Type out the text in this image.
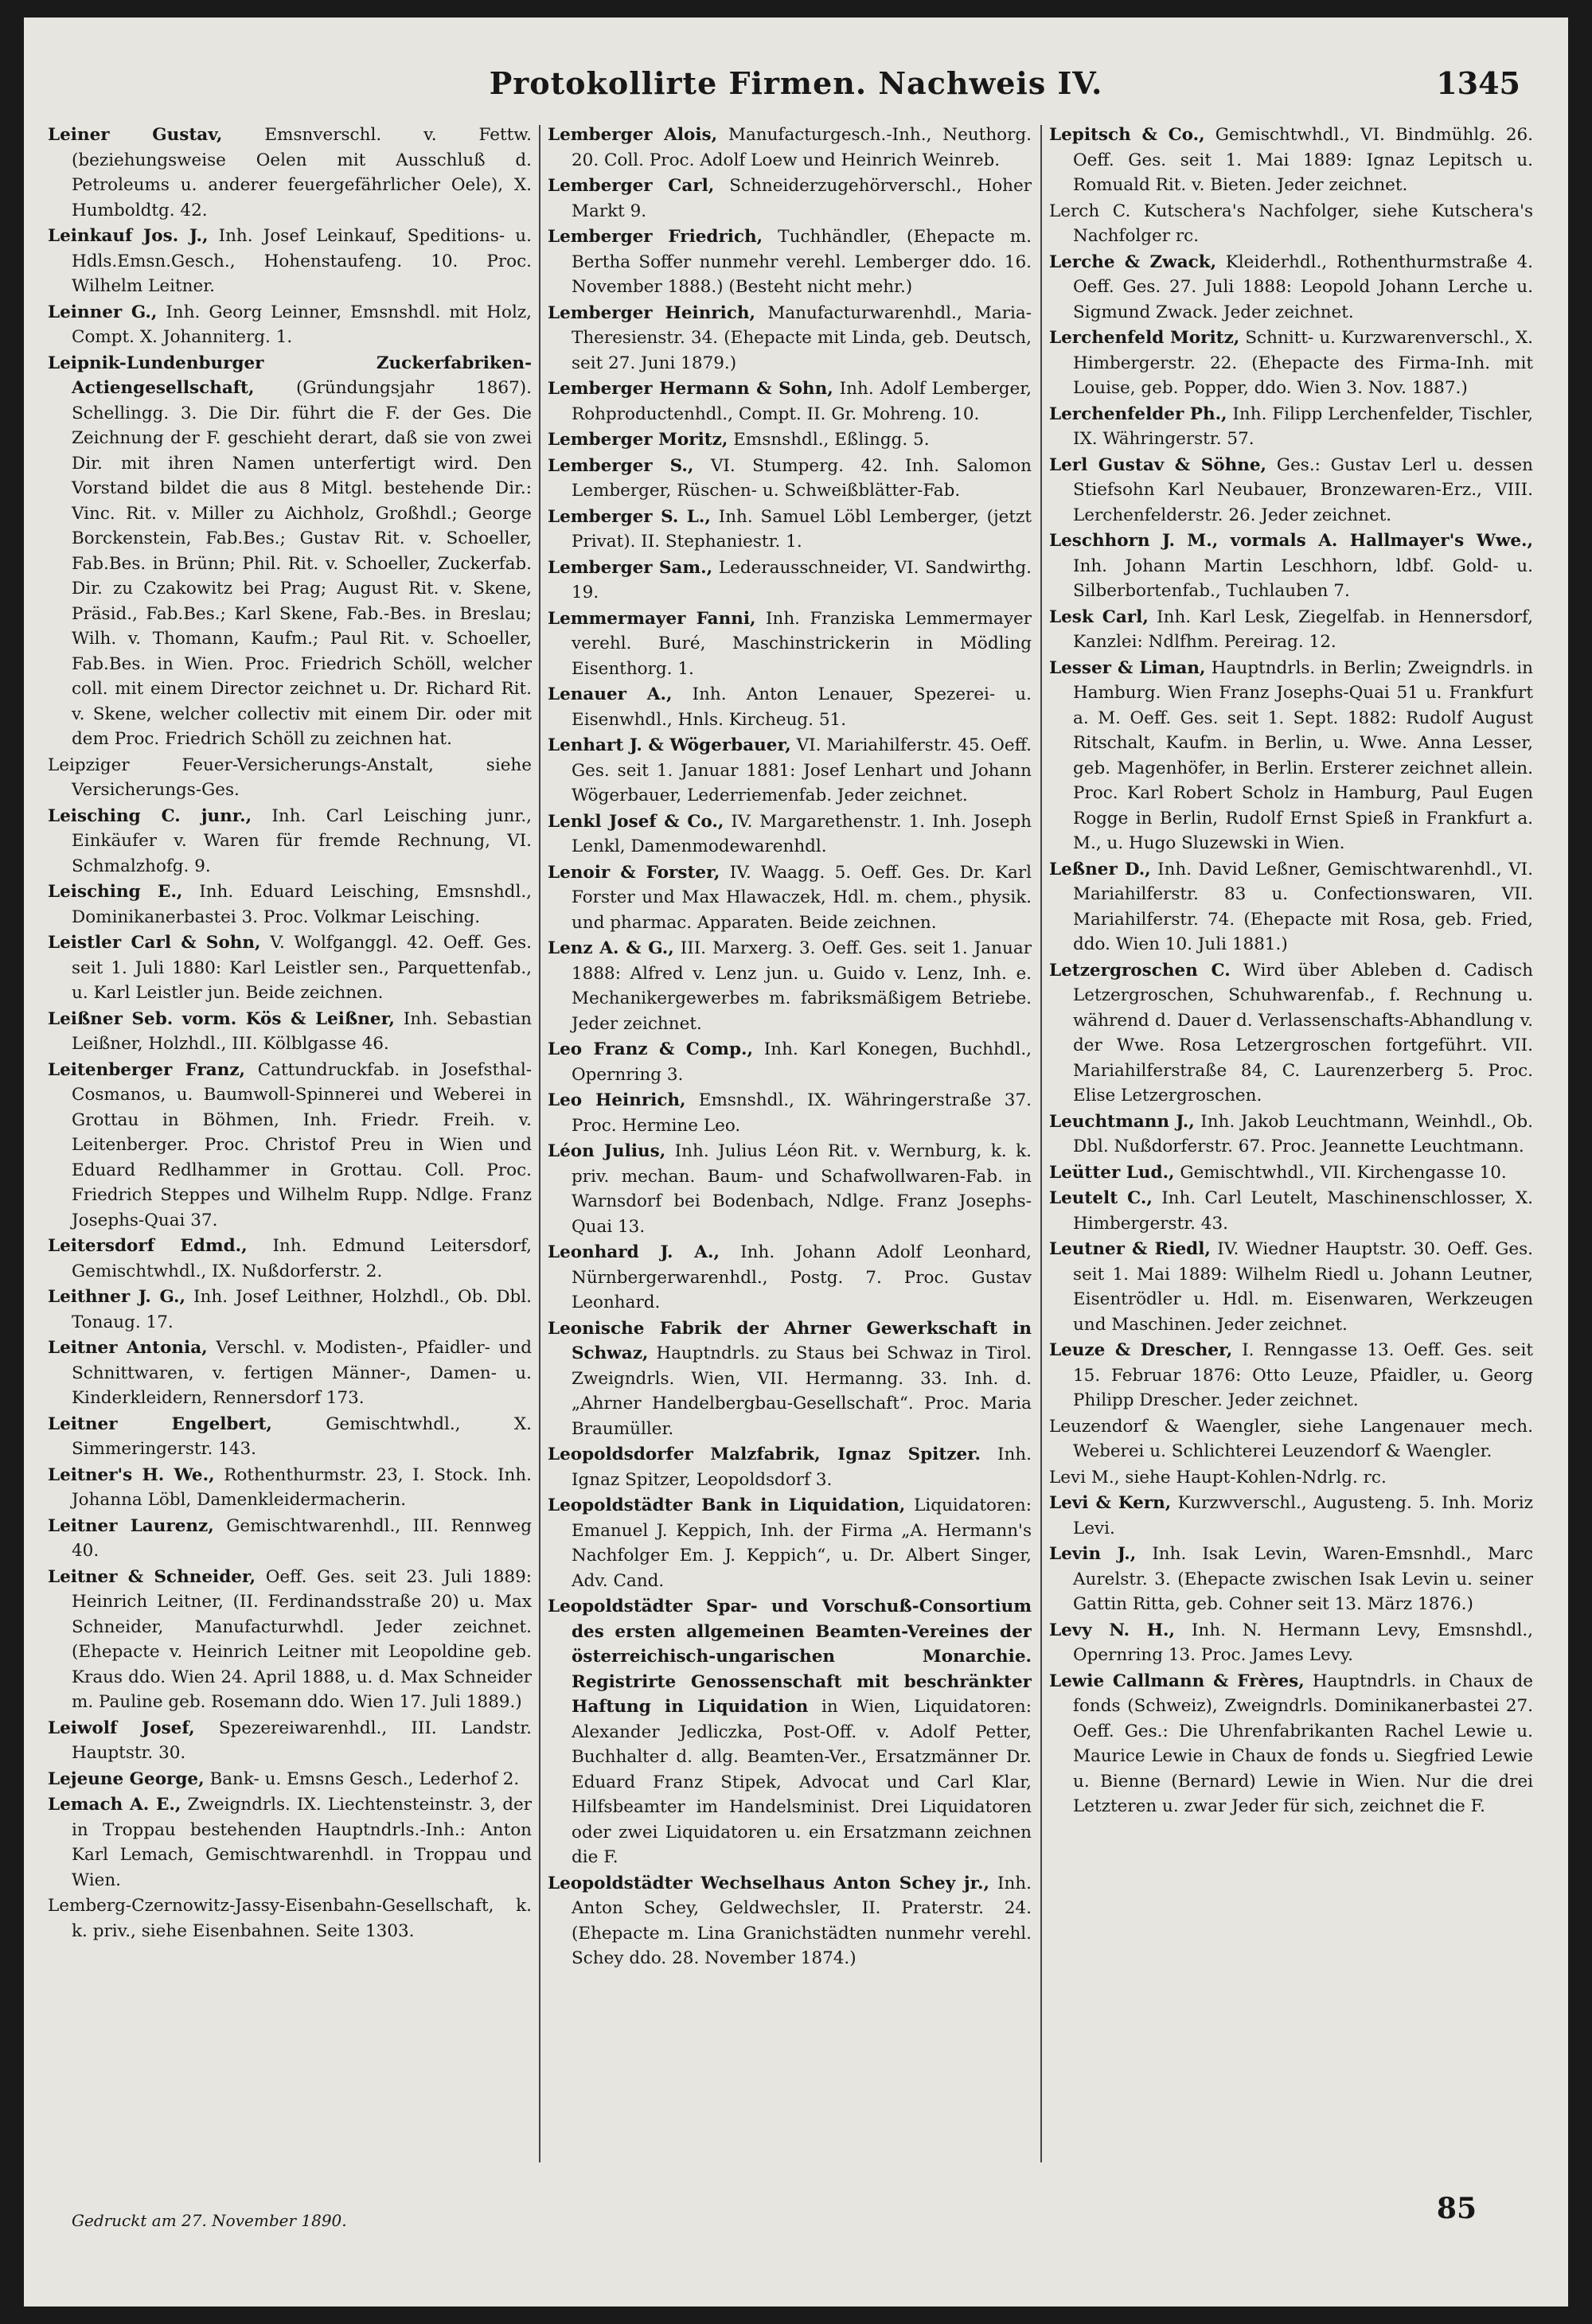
Protokollirte Firmen. Nachweis IV.	1345

Leiner Gustav, Emsnverschl. v. Fettw. (beziehungsweise Oelen mit Ausschluß d. Petroleums u. anderer feuergefährlicher Oele), X. Humboldtg. 42.

Leinkauf Jos. J., Inh. Josef Leinkauf, Speditions- u. Hdls.Emsn.Gesch., Hohenstaufeng. 10. Proc. Wilhelm Leitner.

Leinner G., Inh. Georg Leinner, Emsnshdl. mit Holz, Compt. X. Johanniterg. 1.

Leipnik-Lundenburger Zuckerfabriken-Actiengesellschaft, (Gründungsjahr 1867). Schellingg. 3. Die Dir. führt die F. der Ges. Die Zeichnung der F. geschieht derart, daß sie von zwei Dir. mit ihren Namen unterfertigt wird. Den Vorstand bildet die aus 8 Mitgl. bestehende Dir.: Vinc. Rit. v. Miller zu Aichholz, Großhdl.; George Borckenstein, Fab.Bes.; Gustav Rit. v. Schoeller, Fab.Bes. in Brünn; Phil. Rit. v. Schoeller, Zuckerfab. Dir. zu Czakowitz bei Prag; August Rit. v. Skene, Präsid., Fab.Bes.; Karl Skene, Fab.-Bes. in Breslau; Wilh. v. Thomann, Kaufm.; Paul Rit. v. Schoeller, Fab.Bes. in Wien. Proc. Friedrich Schöll, welcher coll. mit einem Director zeichnet u. Dr. Richard Rit. v. Skene, welcher collectiv mit einem Dir. oder mit dem Proc. Friedrich Schöll zu zeichnen hat.

Leipziger Feuer-Versicherungs-Anstalt, siehe Versicherungs-Ges.

Leisching C. junr., Inh. Carl Leisching junr., Einkäufer v. Waren für fremde Rechnung, VI. Schmalzhofg. 9.

Leisching E., Inh. Eduard Leisching, Emsnshdl., Dominikanerbastei 3. Proc. Volkmar Leisching.

Leistler Carl & Sohn, V. Wolfganggl. 42. Oeff. Ges. seit 1. Juli 1880: Karl Leistler sen., Parquettenfab., u. Karl Leistler jun. Beide zeichnen.

Leißner Seb. vorm. Kös & Leißner, Inh. Sebastian Leißner, Holzhdl., III. Kölblgasse 46.

Leitenberger Franz, Cattundruckfab. in Josefsthal-Cosmanos, u. Baumwoll-Spinnerei und Weberei in Grottau in Böhmen, Inh. Friedr. Freih. v. Leitenberger. Proc. Christof Preu in Wien und Eduard Redlhammer in Grottau. Coll. Proc. Friedrich Steppes und Wilhelm Rupp. Ndlge. Franz Josephs-Quai 37.

Leitersdorf Edmd., Inh. Edmund Leitersdorf, Gemischtwhdl., IX. Nußdorferstr. 2.

Leithner J. G., Inh. Josef Leithner, Holzhdl., Ob. Dbl. Tonaug. 17.

Leitner Antonia, Verschl. v. Modisten-, Pfaidler- und Schnittwaren, v. fertigen Männer-, Damen- u. Kinderkleidern, Rennersdorf 173.

Leitner Engelbert,	Gemischtwhdl., X. Simmeringerstr. 143.

Leitner's H. We., Rothenthurmstr. 23, I. Stock. Inh. Johanna Löbl, Damenkleidermacherin.

Leitner Laurenz, Gemischtwarenhdl., III. Rennweg 40.

Leitner & Schneider, Oeff. Ges. seit 23. Juli 1889: Heinrich Leitner, (II. Ferdinandsstraße 20) u. Max Schneider, Manufacturwhdl. Jeder zeichnet. (Ehepacte v. Heinrich Leitner mit Leopoldine geb. Kraus ddo. Wien 24. April 1888, u. d. Max Schneider m. Pauline geb. Rosemann ddo. Wien 17. Juli 1889.)

Leiwolf Josef, Spezereiwarenhdl., III. Landstr. Hauptstr. 30.

Lejeune George, Bank- u. Emsns Gesch., Lederhof 2.

Lemach A. E., Zweigndrls. IX. Liechtensteinstr. 3, der in Troppau bestehenden Hauptndrls.-Inh.: Anton Karl Lemach, Gemischtwarenhdl. in Troppau und Wien.

Lemberg-Czernowitz-Jassy-Eisenbahn-Gesellschaft, k. k. priv., siehe Eisenbahnen. Seite 1303.

Lemberger Alois, Manufacturgesch.-Inh., Neuthorg. 20. Coll. Proc. Adolf Loew und Heinrich Weinreb.

Lemberger Carl, Schneiderzugehörverschl., Hoher Markt 9.

Lemberger Friedrich, Tuchhändler, (Ehepacte m. Bertha Soffer nunmehr verehl. Lemberger ddo. 16. November 1888.) (Besteht nicht mehr.)

Lemberger Heinrich, Manufacturwarenhdl., Maria-Theresienstr. 34. (Ehepacte mit Linda, geb. Deutsch, seit 27. Juni 1879.)

Lemberger Hermann & Sohn, Inh. Adolf Lemberger, Rohproductenhdl., Compt. II. Gr. Mohreng. 10.

Lemberger Moritz, Emsnshdl., Eßlingg. 5.

Lemberger S., VI. Stumperg. 42. Inh. Salomon Lemberger, Rüschen- u. Schweißblätter-Fab.

Lemberger S. L., Inh. Samuel Löbl Lemberger, (jetzt Privat). II. Stephaniestr. 1.

Lemberger Sam., Lederausschneider, VI. Sandwirthg. 19.

Lemmermayer Fanni, Inh. Franziska Lemmermayer verehl. Buré, Maschinstrickerin in Mödling Eisenthorg. 1.

Lenauer A., Inh. Anton Lenauer, Spezerei- u. Eisenwhdl., Hnls. Kircheug. 51.

Lenhart J. & Wögerbauer, VI. Mariahilferstr. 45. Oeff. Ges. seit 1. Januar 1881: Josef Lenhart und Johann Wögerbauer, Lederriemenfab. Jeder zeichnet.

Lenkl Josef & Co., IV. Margarethenstr. 1. Inh. Joseph Lenkl, Damenmodewarenhdl.

Lenoir & Forster, IV. Waagg. 5. Oeff. Ges. Dr. Karl Forster und Max Hlawaczek, Hdl. m. chem., physik. und pharmac. Apparaten. Beide zeichnen.

Lenz A. & G., III. Marxerg. 3. Oeff. Ges. seit 1. Januar 1888: Alfred v. Lenz jun. u. Guido v. Lenz, Inh. e. Mechanikergewerbes m. fabriksmäßigem Betriebe. Jeder zeichnet.

Leo Franz & Comp., Inh. Karl Konegen, Buchhdl., Opernring 3.

Leo Heinrich, Emsnshdl., IX. Währingerstraße 37. Proc. Hermine Leo.

Léon Julius, Inh. Julius Léon Rit. v. Wernburg, k. k. priv. mechan. Baum- und Schafwollwaren-Fab. in Warnsdorf bei Bodenbach, Ndlge. Franz Josephs-Quai 13.

Leonhard J. A., Inh. Johann Adolf Leonhard, Nürnbergerwarenhdl., Postg. 7. Proc. Gustav Leonhard.

Leonische Fabrik der Ahrner Gewerkschaft in Schwaz, Hauptndrls. zu Staus bei Schwaz in Tirol. Zweigndrls. Wien, VII. Hermanng. 33. Inh. d. „Ahrner Handelbergbau-Gesellschaft“. Proc. Maria Braumüller.

Leopoldsdorfer Malzfabrik, Ignaz Spitzer. Inh. Ignaz Spitzer, Leopoldsdorf 3.

Leopoldstädter Bank in Liquidation, Liquidatoren: Emanuel J. Keppich, Inh. der Firma „A. Hermann's Nachfolger Em. J. Keppich“, u. Dr. Albert Singer, Adv. Cand.

Leopoldstädter Spar- und Vorschuß-Consortium des ersten allgemeinen Beamten-Vereines der österreichisch-ungarischen Monarchie. Registrirte Genossenschaft mit beschränkter Haftung in Liquidation in Wien, Liquidatoren: Alexander Jedliczka, Post-Off. v. Adolf Petter, Buchhalter d. allg. Beamten-Ver., Ersatzmänner Dr. Eduard Franz Stipek, Advocat und Carl Klar, Hilfsbeamter im Handelsminist. Drei Liquidatoren oder zwei Liquidatoren u. ein Ersatzmann zeichnen die F.

Leopoldstädter Wechselhaus Anton Schey jr., Inh. Anton Schey, Geldwechsler, II. Praterstr. 24. (Ehepacte m. Lina Granichstädten nunmehr verehl. Schey ddo. 28. November 1874.)

Lepitsch & Co., Gemischtwhdl., VI. Bindmühlg. 26. Oeff. Ges. seit 1. Mai 1889: Ignaz Lepitsch u. Romuald Rit. v. Bieten. Jeder zeichnet.

Lerch C. Kutschera's Nachfolger, siehe Kutschera's Nachfolger rc.

Lerche & Zwack, Kleiderhdl., Rothenthurmstraße 4. Oeff. Ges. 27. Juli 1888: Leopold Johann Lerche u. Sigmund Zwack. Jeder zeichnet.

Lerchenfeld Moritz, Schnitt- u. Kurzwarenverschl., X. Himbergerstr. 22. (Ehepacte des Firma-Inh. mit Louise, geb. Popper, ddo. Wien 3. Nov. 1887.)

Lerchenfelder Ph., Inh. Filipp Lerchenfelder, Tischler, IX. Währingerstr. 57.

Lerl Gustav & Söhne, Ges.: Gustav Lerl u. dessen Stiefsohn Karl Neubauer, Bronzewaren-Erz., VIII. Lerchenfelderstr. 26. Jeder zeichnet.

Leschhorn J. M., vormals A. Hallmayer's Wwe., Inh. Johann Martin Leschhorn, ldbf. Gold- u. Silberbortenfab., Tuchlauben 7.

Lesk Carl, Inh. Karl Lesk, Ziegelfab. in Hennersdorf, Kanzlei: Ndlfhm. Pereirag. 12.

Lesser & Liman, Hauptndrls. in Berlin; Zweigndrls. in Hamburg. Wien Franz Josephs-Quai 51 u. Frankfurt a. M. Oeff. Ges. seit 1. Sept. 1882: Rudolf August Ritschalt, Kaufm. in Berlin, u. Wwe. Anna Lesser, geb. Magenhöfer, in Berlin. Ersterer zeichnet allein. Proc. Karl Robert Scholz in Hamburg, Paul Eugen Rogge in Berlin, Rudolf Ernst Spieß in Frankfurt a. M., u. Hugo Sluzewski in Wien.

Leßner D., Inh. David Leßner, Gemischtwarenhdl., VI. Mariahilferstr. 83 u. Confectionswaren, VII. Mariahilferstr. 74. (Ehepacte mit Rosa, geb. Fried, ddo. Wien 10. Juli 1881.)

Letzergroschen C. Wird über Ableben d. Cadisch Letzergroschen, Schuhwarenfab., f. Rechnung u. während d. Dauer d. Verlassenschafts-Abhandlung v. der Wwe. Rosa Letzergroschen fortgeführt. VII. Mariahilferstraße 84, C. Laurenzerberg 5. Proc. Elise Letzergroschen.

Leuchtmann J., Inh. Jakob Leuchtmann, Weinhdl., Ob. Dbl. Nußdorferstr. 67. Proc. Jeannette Leuchtmann.

Leütter Lud., Gemischtwhdl., VII. Kirchengasse 10.

Leutelt C., Inh. Carl Leutelt, Maschinenschlosser, X. Himbergerstr. 43.

Leutner & Riedl, IV. Wiedner Hauptstr. 30. Oeff. Ges. seit 1. Mai 1889: Wilhelm Riedl u. Johann Leutner, Eisentrödler u. Hdl. m. Eisenwaren, Werkzeugen und Maschinen. Jeder zeichnet.

Leuze & Drescher, I. Renngasse 13. Oeff. Ges. seit 15. Februar 1876: Otto Leuze, Pfaidler, u. Georg Philipp Drescher. Jeder zeichnet.

Leuzendorf & Waengler, siehe Langenauer mech. Weberei u. Schlichterei Leuzendorf & Waengler.

Levi M., siehe Haupt-Kohlen-Ndrlg. rc.

Levi & Kern, Kurzwverschl., Augusteng. 5. Inh. Moriz Levi.

Levin J., Inh. Isak Levin, Waren-Emsnhdl., Marc Aurelstr. 3. (Ehepacte zwischen Isak Levin u. seiner Gattin Ritta, geb. Cohner seit 13. März 1876.)

Levy N. H., Inh. N. Hermann Levy, Emsnshdl., Opernring 13. Proc. James Levy.

Lewie Callmann & Frères, Hauptndrls. in Chaux de fonds (Schweiz), Zweigndrls. Dominikanerbastei 27. Oeff. Ges.: Die Uhrenfabrikanten Rachel Lewie u. Maurice Lewie in Chaux de fonds u. Siegfried Lewie u. Bienne (Bernard) Lewie in Wien. Nur die drei Letzteren u. zwar Jeder für sich, zeichnet die F.

Gedruckt am 27. November 1890.	85
